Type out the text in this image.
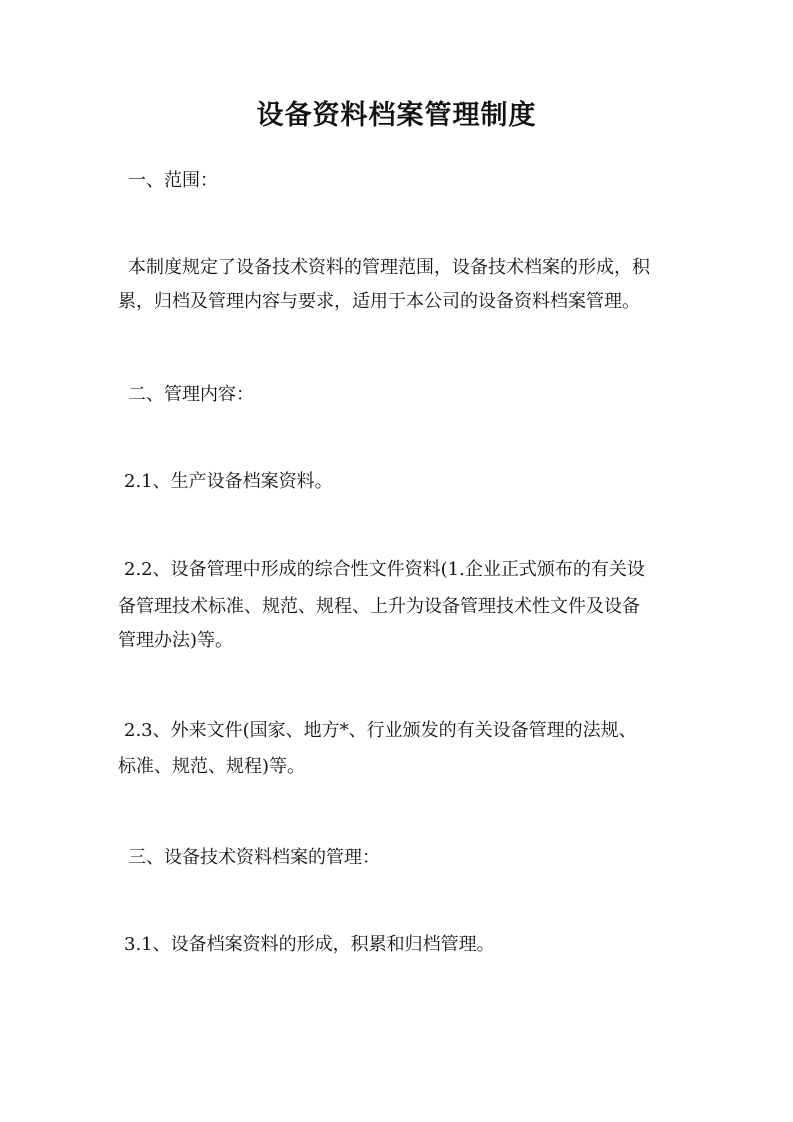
设备资料档案管理制度

一、范围：

本制度规定了设备技术资料的管理范围，设备技术档案的形成，积

累，归档及管理内容与要求，适用于本公司的设备资料档案管理。

二、管理内容：

2.1、生产设备档案资料。

2.2、设备管理中形成的综合性文件资料(1.企业正式颁布的有关设

备管理技术标准、规范、规程、上升为设备管理技术性文件及设备

管理办法)等。

2.3、外来文件(国家、地方*、行业颁发的有关设备管理的法规、

标准、规范、规程)等。

三、设备技术资料档案的管理：

3.1、设备档案资料的形成，积累和归档管理。
